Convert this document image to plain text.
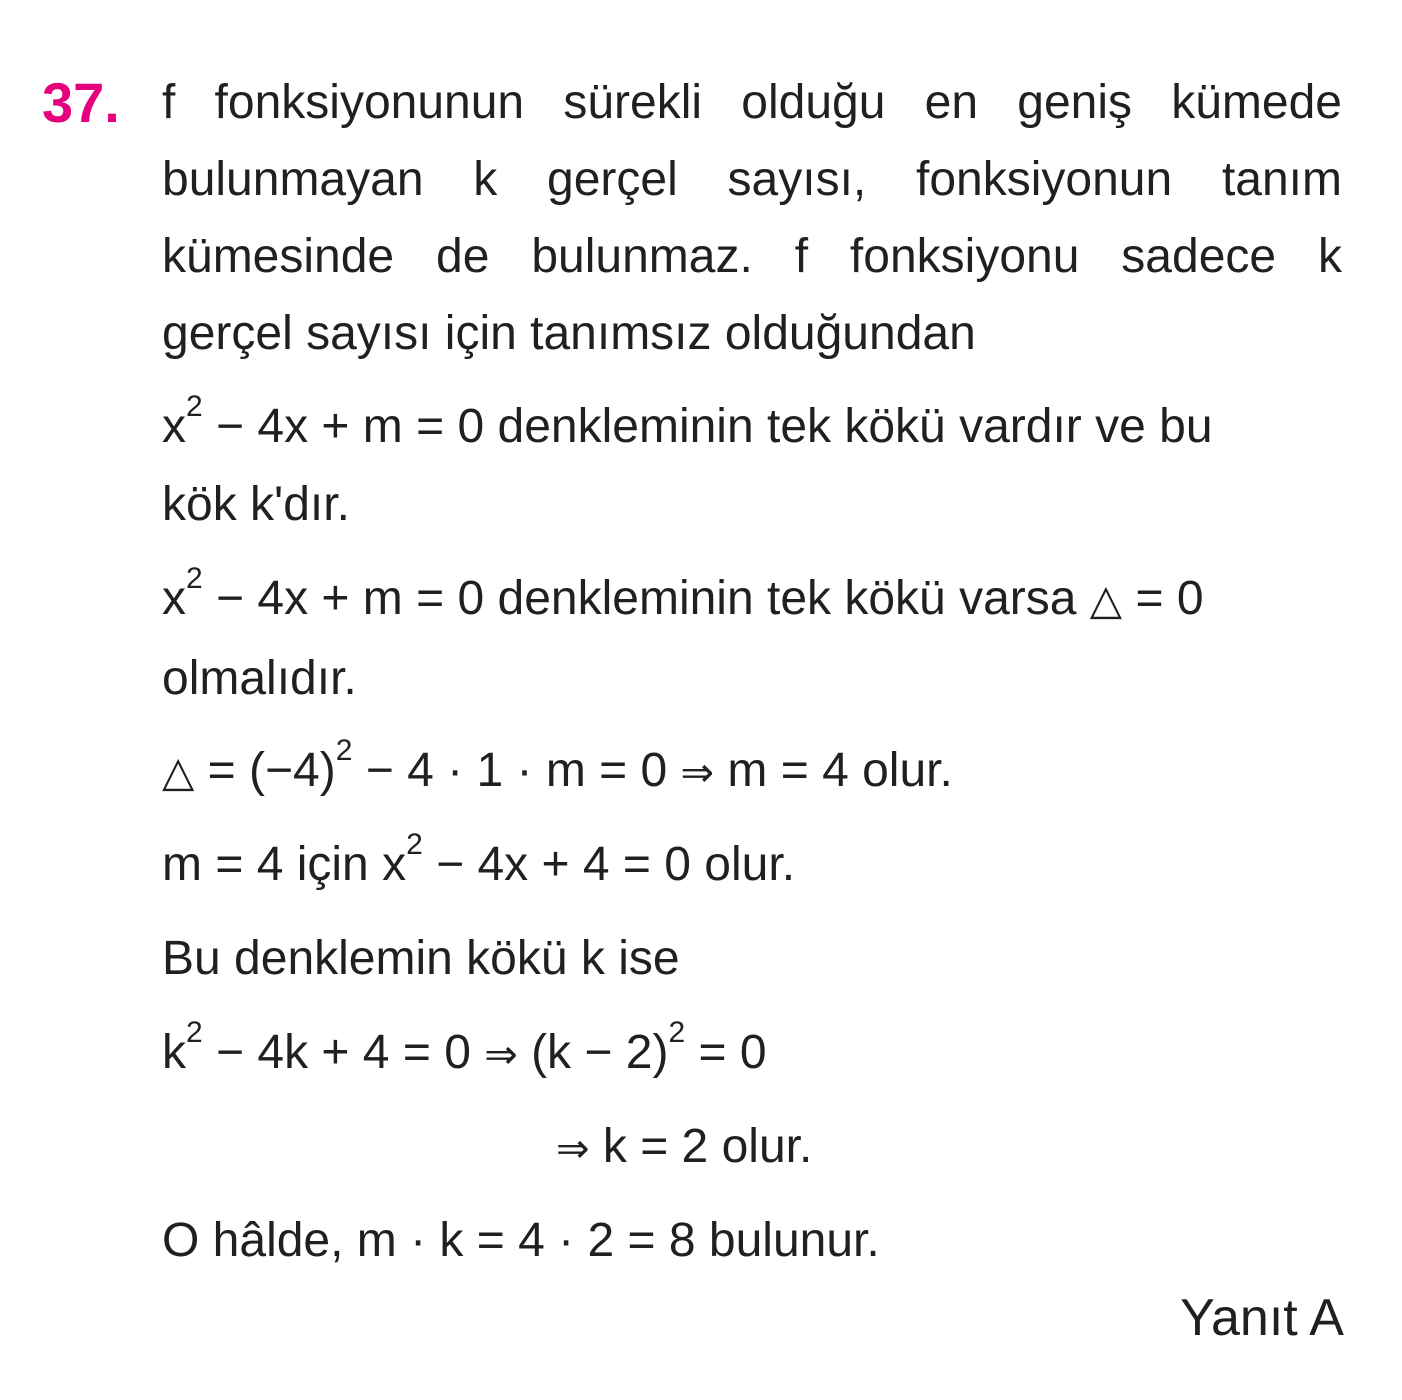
37. f fonksiyonunun sürekli olduğu en geniş kümede
bulunmayan k gerçel sayısı, fonksiyonun tanım
kümesinde de bulunmaz. f fonksiyonu sadece k
gerçel sayısı için tanımsız olduğundan
$x^2 - 4x + m = 0$ denkleminin tek kökü vardır ve bu
kök k'dır.
$x^2 - 4x + m = 0$ denkleminin tek kökü varsa △ = 0
olmalıdır.
△ = $(-4)^2 - 4 \cdot 1 \cdot m = 0$ ⇒ m = 4 olur.
m = 4 için $x^2 - 4x + 4 = 0$ olur.
Bu denklemin kökü k ise
$k^2 - 4k + 4 = 0$ ⇒ $(k - 2)^2 = 0$
⇒ k = 2 olur.
O hâlde, m · k = 4 · 2 = 8 bulunur.
Yanıt A
